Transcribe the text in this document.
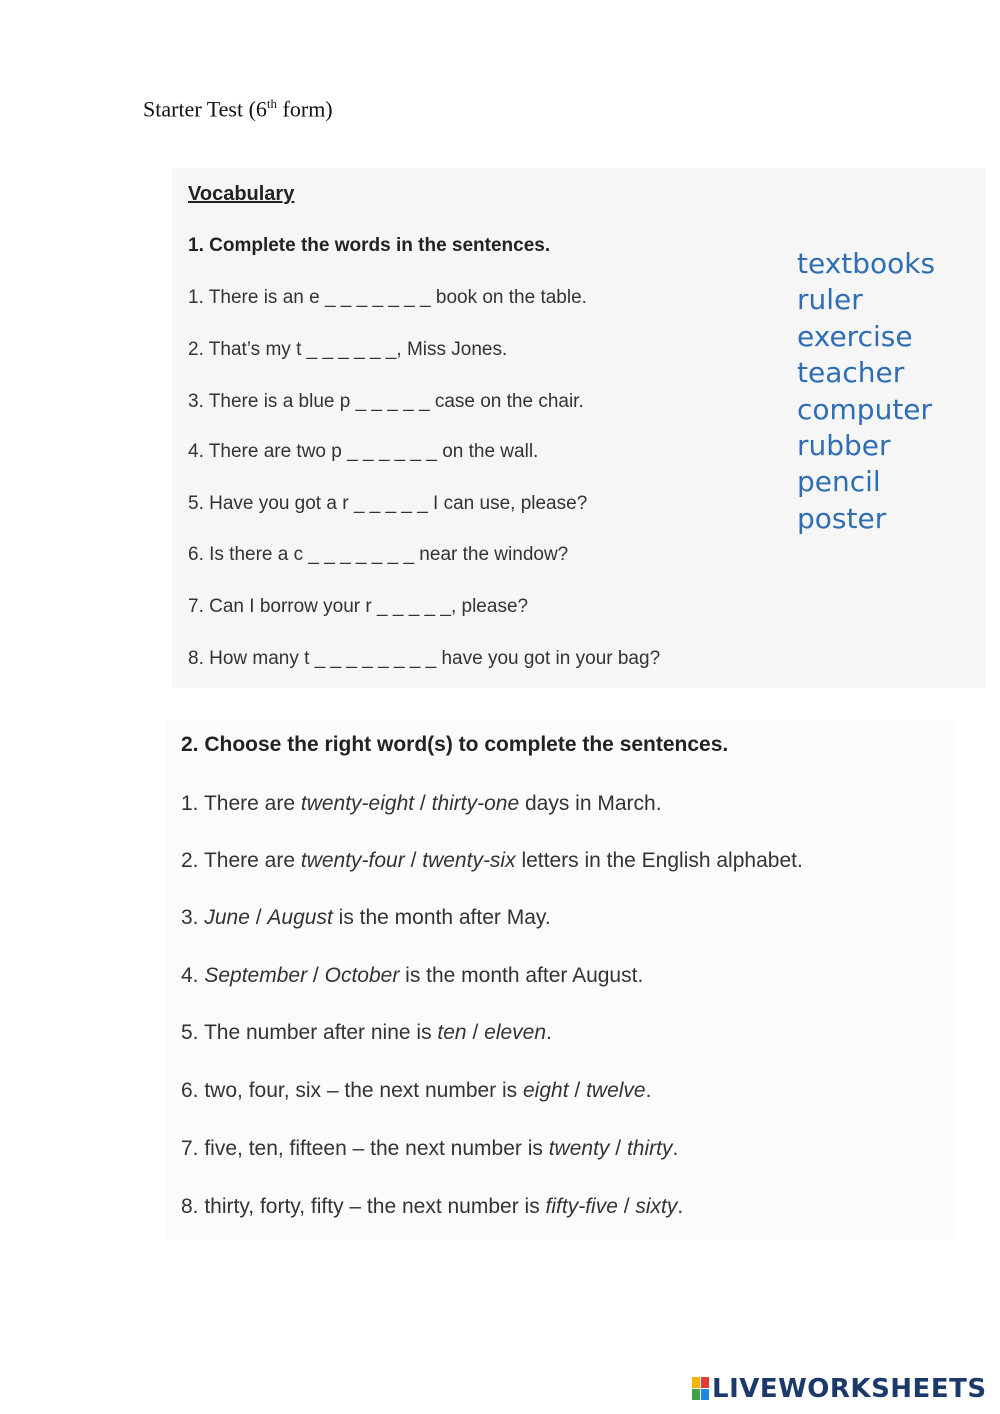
Starter Test (6th form)
Vocabulary
1. Complete the words in the sentences.
1. There is an e _ _ _ _ _ _ _ book on the table.
2. That’s my t _ _ _ _ _ _, Miss Jones.
3. There is a blue p _ _ _ _ _ case on the chair.
4. There are two p _ _ _ _ _ _ on the wall.
5. Have you got a r _ _ _ _ _ I can use, please?
6. Is there a c _ _ _ _ _ _ _ near the window?
7. Can I borrow your r _ _ _ _ _, please?
8. How many t _ _ _ _ _ _ _ _ have you got in your bag?
textbooks
ruler
exercise
teacher
computer
rubber
pencil
poster
2. Choose the right word(s) to complete the sentences.
1. There are twenty-eight / thirty-one days in March.
2. There are twenty-four / twenty-six letters in the English alphabet.
3. June / August is the month after May.
4. September / October is the month after August.
5. The number after nine is ten / eleven.
6. two, four, six – the next number is eight / twelve.
7. five, ten, fifteen – the next number is twenty / thirty.
8. thirty, forty, fifty – the next number is fifty-five / sixty.
LIVEWORKSHEETS
